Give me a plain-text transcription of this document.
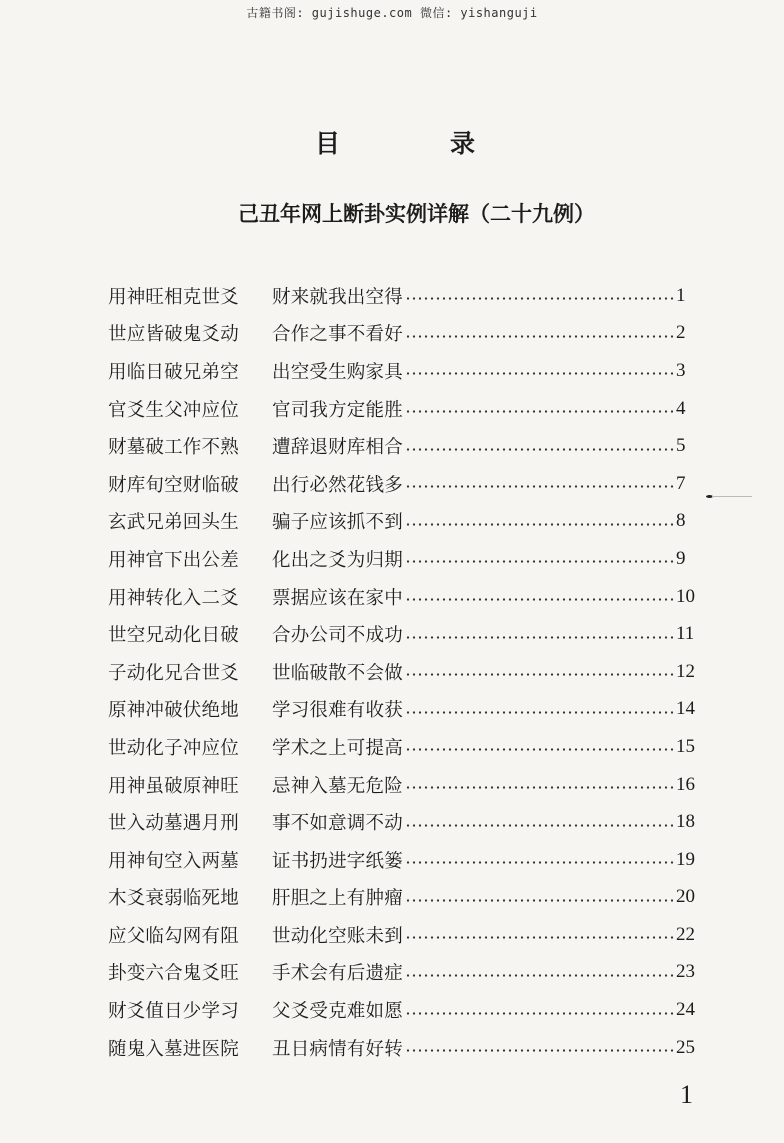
古籍书阁: gujishuge.com 微信: yishanguji
目	录
己丑年网上断卦实例详解（二十九例）
用神旺相克世爻	财来就我出空得	1
世应皆破鬼爻动	合作之事不看好	2
用临日破兄弟空	出空受生购家具	3
官爻生父冲应位	官司我方定能胜	4
财墓破工作不熟	遭辞退财库相合	5
财库旬空财临破	出行必然花钱多	7
玄武兄弟回头生	骗子应该抓不到	8
用神官下出公差	化出之爻为归期	9
用神转化入二爻	票据应该在家中	10
世空兄动化日破	合办公司不成功	11
子动化兄合世爻	世临破散不会做	12
原神冲破伏绝地	学习很难有收获	14
世动化子冲应位	学术之上可提高	15
用神虽破原神旺	忌神入墓无危险	16
世入动墓遇月刑	事不如意调不动	18
用神旬空入两墓	证书扔进字纸篓	19
木爻衰弱临死地	肝胆之上有肿瘤	20
应父临勾网有阻	世动化空账未到	22
卦变六合鬼爻旺	手术会有后遗症	23
财爻值日少学习	父爻受克难如愿	24
随鬼入墓进医院	丑日病情有好转	25
1
